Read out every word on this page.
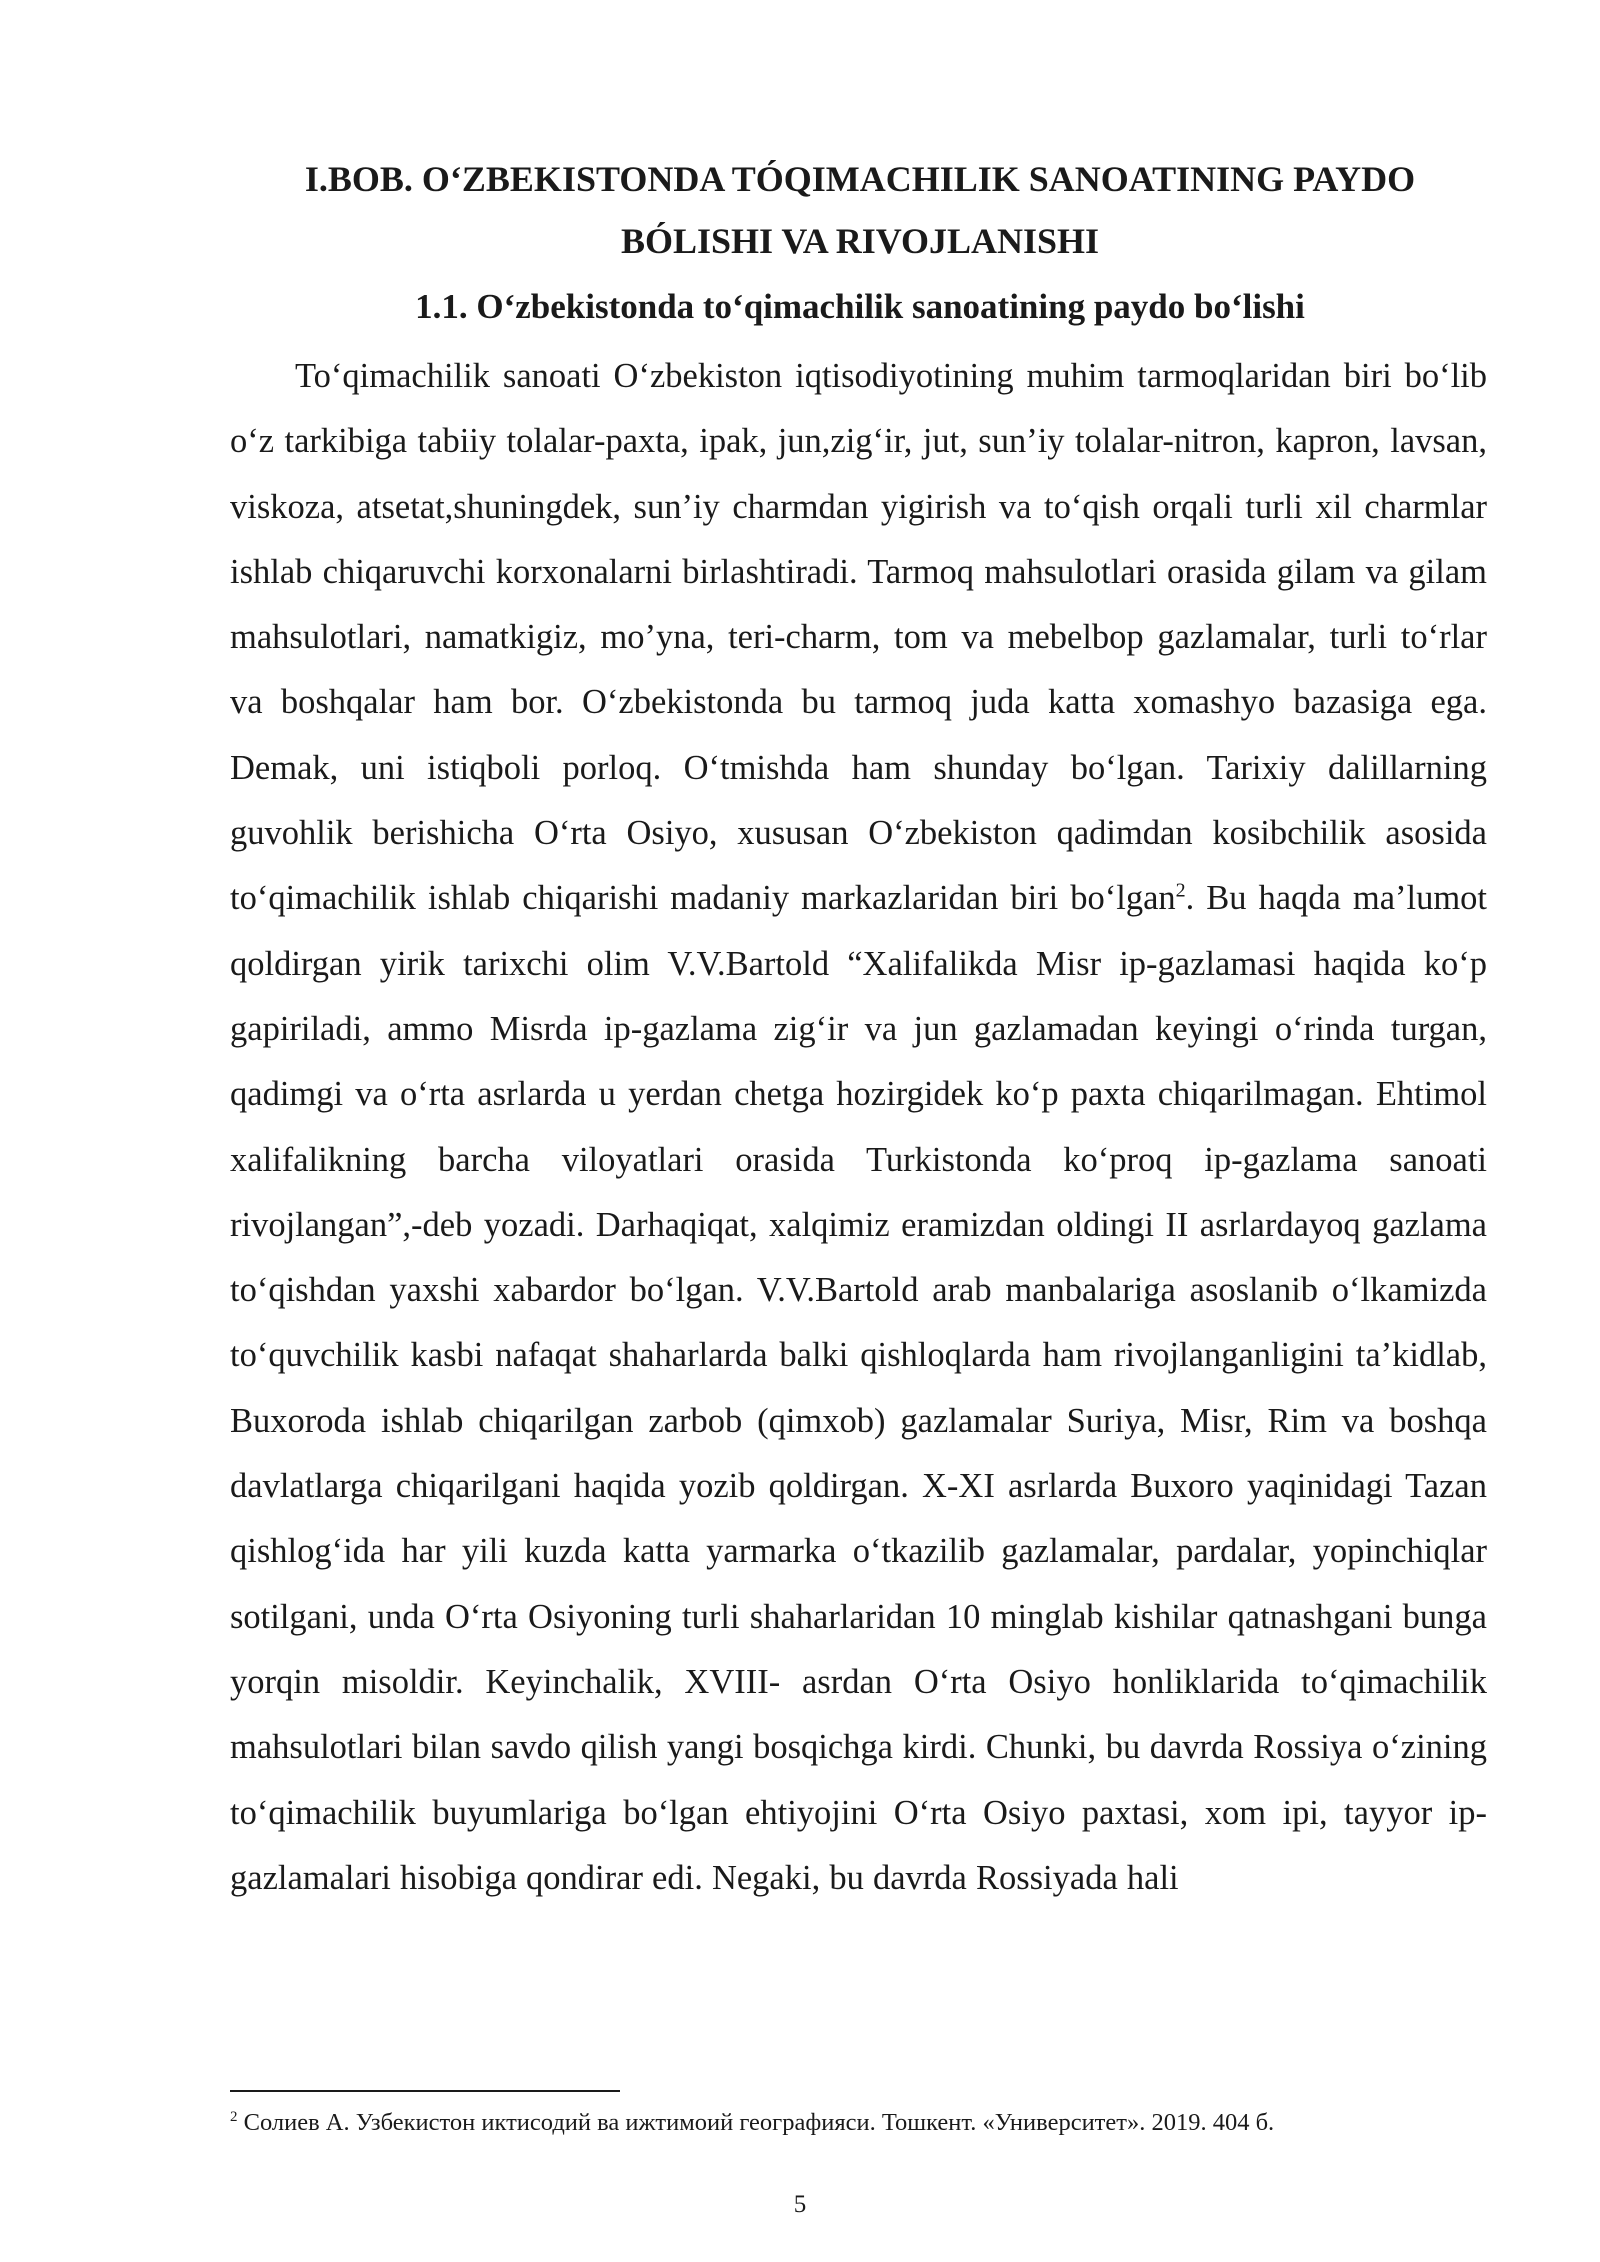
I.BOB. O‘ZBEKISTONDA TÓQIMACHILIK SANOATINING PAYDO
BÓLISHI VA RIVOJLANISHI
1.1. O‘zbekistonda to‘qimachilik sanoatining paydo bo‘lishi

To‘qimachilik sanoati O‘zbekiston iqtisodiyotining muhim tarmoqlaridan biri bo‘lib o‘z tarkibiga tabiiy tolalar-paxta, ipak, jun,zig‘ir, jut, sun’iy tolalar-nitron, kapron, lavsan, viskoza, atsetat,shuningdek, sun’iy charmdan yigirish va to‘qish orqali turli xil charmlar ishlab chiqaruvchi korxonalarni birlashtiradi. Tarmoq mahsulotlari orasida gilam va gilam mahsulotlari, namatkigiz, mo’yna, teri-charm, tom va mebelbop gazlamalar, turli to‘rlar va boshqalar ham bor. O‘zbekistonda bu tarmoq juda katta xomashyo bazasiga ega. Demak, uni istiqboli porloq. O‘tmishda ham shunday bo‘lgan. Tarixiy dalillarning guvohlik berishicha O‘rta Osiyo, xususan O‘zbekiston qadimdan kosibchilik asosida to‘qimachilik ishlab chiqarishi madaniy markazlaridan biri bo‘lgan$^2$. Bu haqda ma’lumot qoldirgan yirik tarixchi olim V.V.Bartold “Xalifalikda Misr ip-gazlamasi haqida ko‘p gapiriladi, ammo Misrda ip-gazlama zig‘ir va jun gazlamadan keyingi o‘rinda turgan, qadimgi va o‘rta asrlarda u yerdan chetga hozirgidek ko‘p paxta chiqarilmagan. Ehtimol xalifalikning barcha viloyatlari orasida Turkistonda ko‘proq ip-gazlama sanoati rivojlangan”,-deb yozadi. Darhaqiqat, xalqimiz eramizdan oldingi II asrlardayoq gazlama to‘qishdan yaxshi xabardor bo‘lgan. V.V.Bartold arab manbalariga asoslanib o‘lkamizda to‘quvchilik kasbi nafaqat shaharlarda balki qishloqlarda ham rivojlanganligini ta’kidlab, Buxoroda ishlab chiqarilgan zarbob (qimxob) gazlamalar Suriya, Misr, Rim va boshqa davlatlarga chiqarilgani haqida yozib qoldirgan. X-XI asrlarda Buxoro yaqinidagi Tazan qishlog‘ida har yili kuzda katta yarmarka o‘tkazilib gazlamalar, pardalar, yopinchiqlar sotilgani, unda O‘rta Osiyoning turli shaharlaridan 10 minglab kishilar qatnashgani bunga yorqin misoldir. Keyinchalik, XVIII- asrdan O‘rta Osiyo honliklarida to‘qimachilik mahsulotlari bilan savdo qilish yangi bosqichga kirdi. Chunki, bu davrda Rossiya o‘zining to‘qimachilik buyumlariga bo‘lgan ehtiyojini O‘rta Osiyo paxtasi, xom ipi, tayyor ip-gazlamalari hisobiga qondirar edi. Negaki, bu davrda Rossiyada hali

$^2$ Солиев А. Узбекистон иктисодий ва ижтимоий географияси. Тошкент. «Университет». 2019. 404 б.

5
